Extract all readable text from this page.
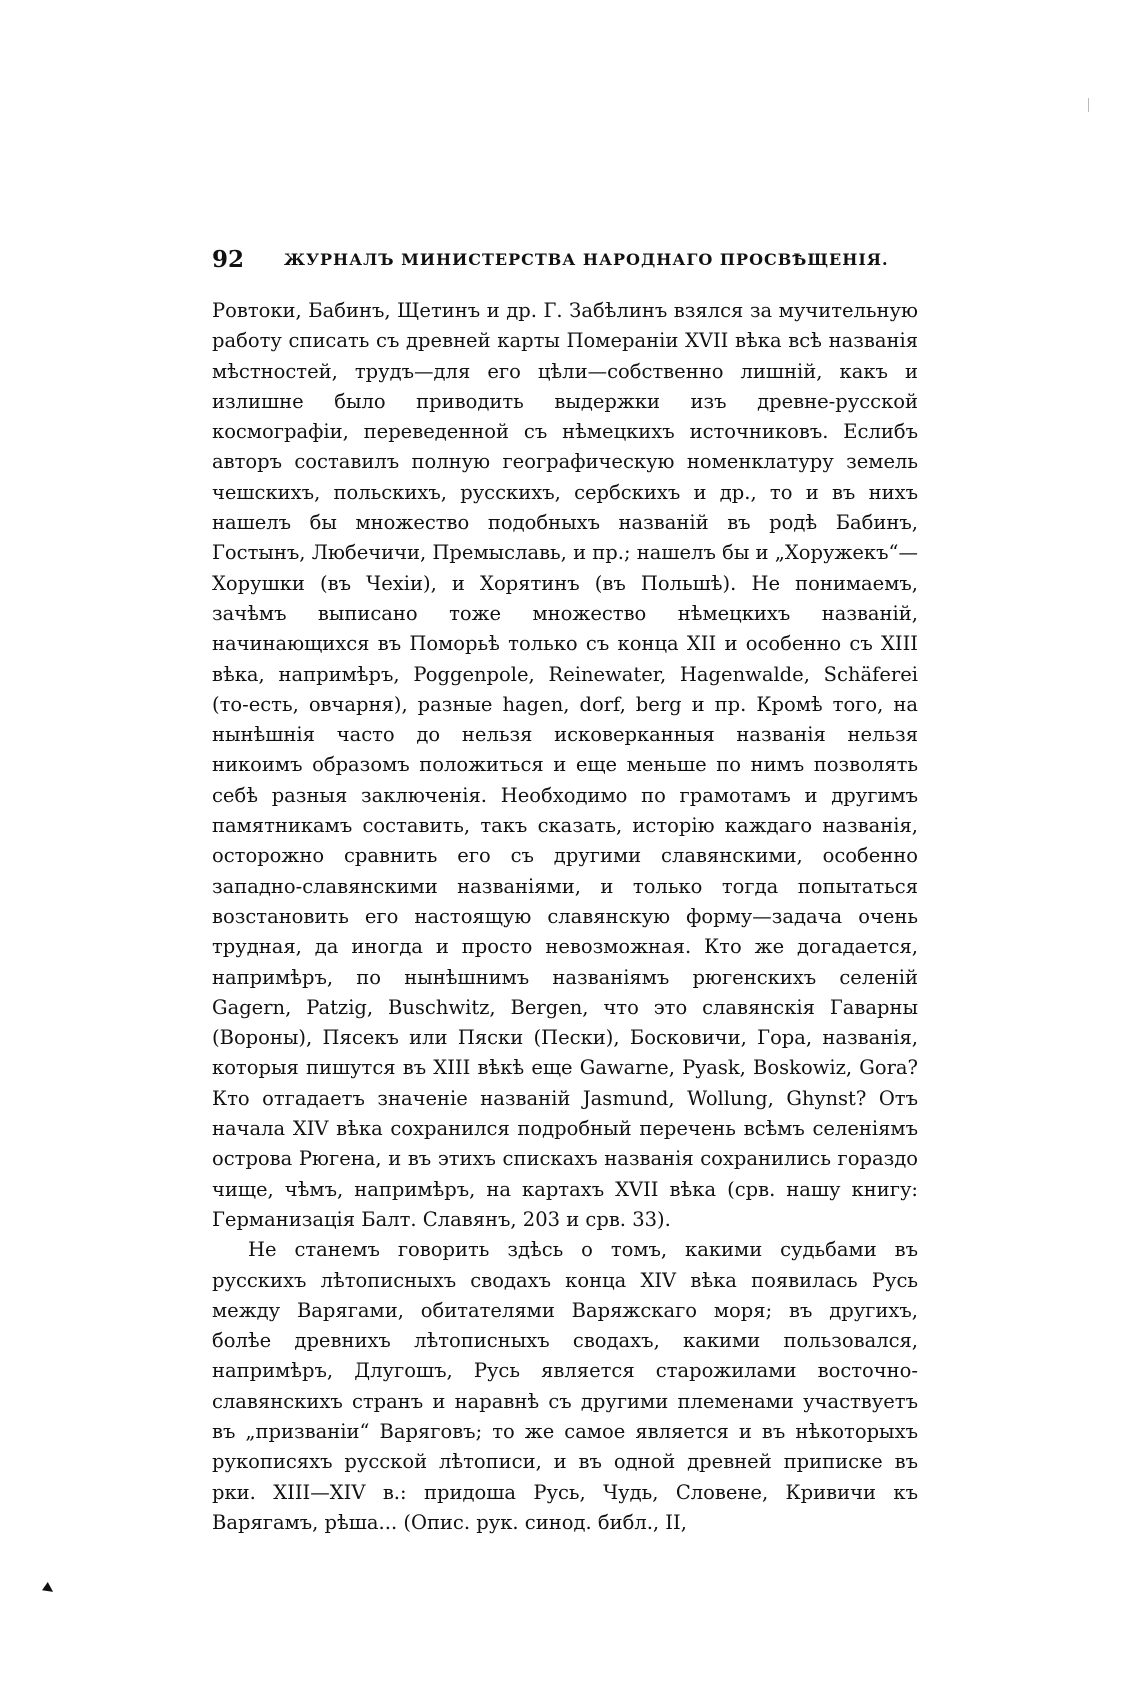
92 ЖУРНАЛЪ МИНИСТЕРСТВА НАРОДНАГО ПРОСВѢЩЕНІЯ.

Ровтоки, Бабинъ, Щетинъ и др. Г. Забѣлинъ взялся за мучительную работу списать съ древней карты Помераніи XVII вѣка всѣ названія мѣстностей, трудъ—для его цѣли—собственно лишній, какъ и излишне было приводить выдержки изъ древне-русской космографіи, переведенной съ нѣмецкихъ источниковъ. Еслибъ авторъ составилъ полную географическую номенклатуру земель чешскихъ, польскихъ, русскихъ, сербскихъ и др., то и въ нихъ нашелъ бы множество подобныхъ названій въ родѣ Бабинъ, Гостынъ, Любечичи, Премыславь, и пр.; нашелъ бы и „Хоружекъ“—Хорушки (въ Чехіи), и Хорятинъ (въ Польшѣ). Не понимаемъ, зачѣмъ выписано тоже множество нѣмецкихъ названій, начинающихся въ Поморьѣ только съ конца XII и особенно съ XIII вѣка, напримѣръ, Poggenpole, Reinewater, Hagenwalde, Schäferei (то-есть, овчарня), разные hagen, dorf, berg и пр. Кромѣ того, на нынѣшнія часто до нельзя исковерканныя названія нельзя никоимъ образомъ положиться и еще меньше по нимъ позволять себѣ разныя заключенія. Необходимо по грамотамъ и другимъ памятникамъ составить, такъ сказать, исторію каждаго названія, осторожно сравнить его съ другими славянскими, особенно западно-славянскими названіями, и только тогда попытаться возстановить его настоящую славянскую форму—задача очень трудная, да иногда и просто невозможная. Кто же догадается, напримѣръ, по нынѣшнимъ названіямъ рюгенскихъ селеній Gagern, Patzig, Buschwitz, Bergen, что это славянскія Гаварны (Вороны), Пясекъ или Пяски (Пески), Босковичи, Гора, названія, которыя пишутся въ XIII вѣкѣ еще Gawarne, Pyask, Boskowiz, Gora? Кто отгадаетъ значеніе названій Jasmund, Wollung, Ghynst? Отъ начала XIV вѣка сохранился подробный перечень всѣмъ селеніямъ острова Рюгена, и въ этихъ спискахъ названія сохранились гораздо чище, чѣмъ, напримѣръ, на картахъ XVII вѣка (срв. нашу книгу: Германизація Балт. Славянъ, 203 и срв. 33).

Не станемъ говорить здѣсь о томъ, какими судьбами въ русскихъ лѣтописныхъ сводахъ конца XIV вѣка появилась Русь между Варягами, обитателями Варяжскаго моря; въ другихъ, болѣе древнихъ лѣтописныхъ сводахъ, какими пользовался, напримѣръ, Длугошъ, Русь является старожилами восточно-славянскихъ странъ и наравнѣ съ другими племенами участвуетъ въ „призваніи“ Варяговъ; то же самое является и въ нѣкоторыхъ рукописяхъ русской лѣтописи, и въ одной древней приписке въ рки. XIII—XIV в.: придоша Русь, Чудь, Словене, Кривичи къ Варягамъ, рѣша... (Опис. рук. синод. библ., II,
